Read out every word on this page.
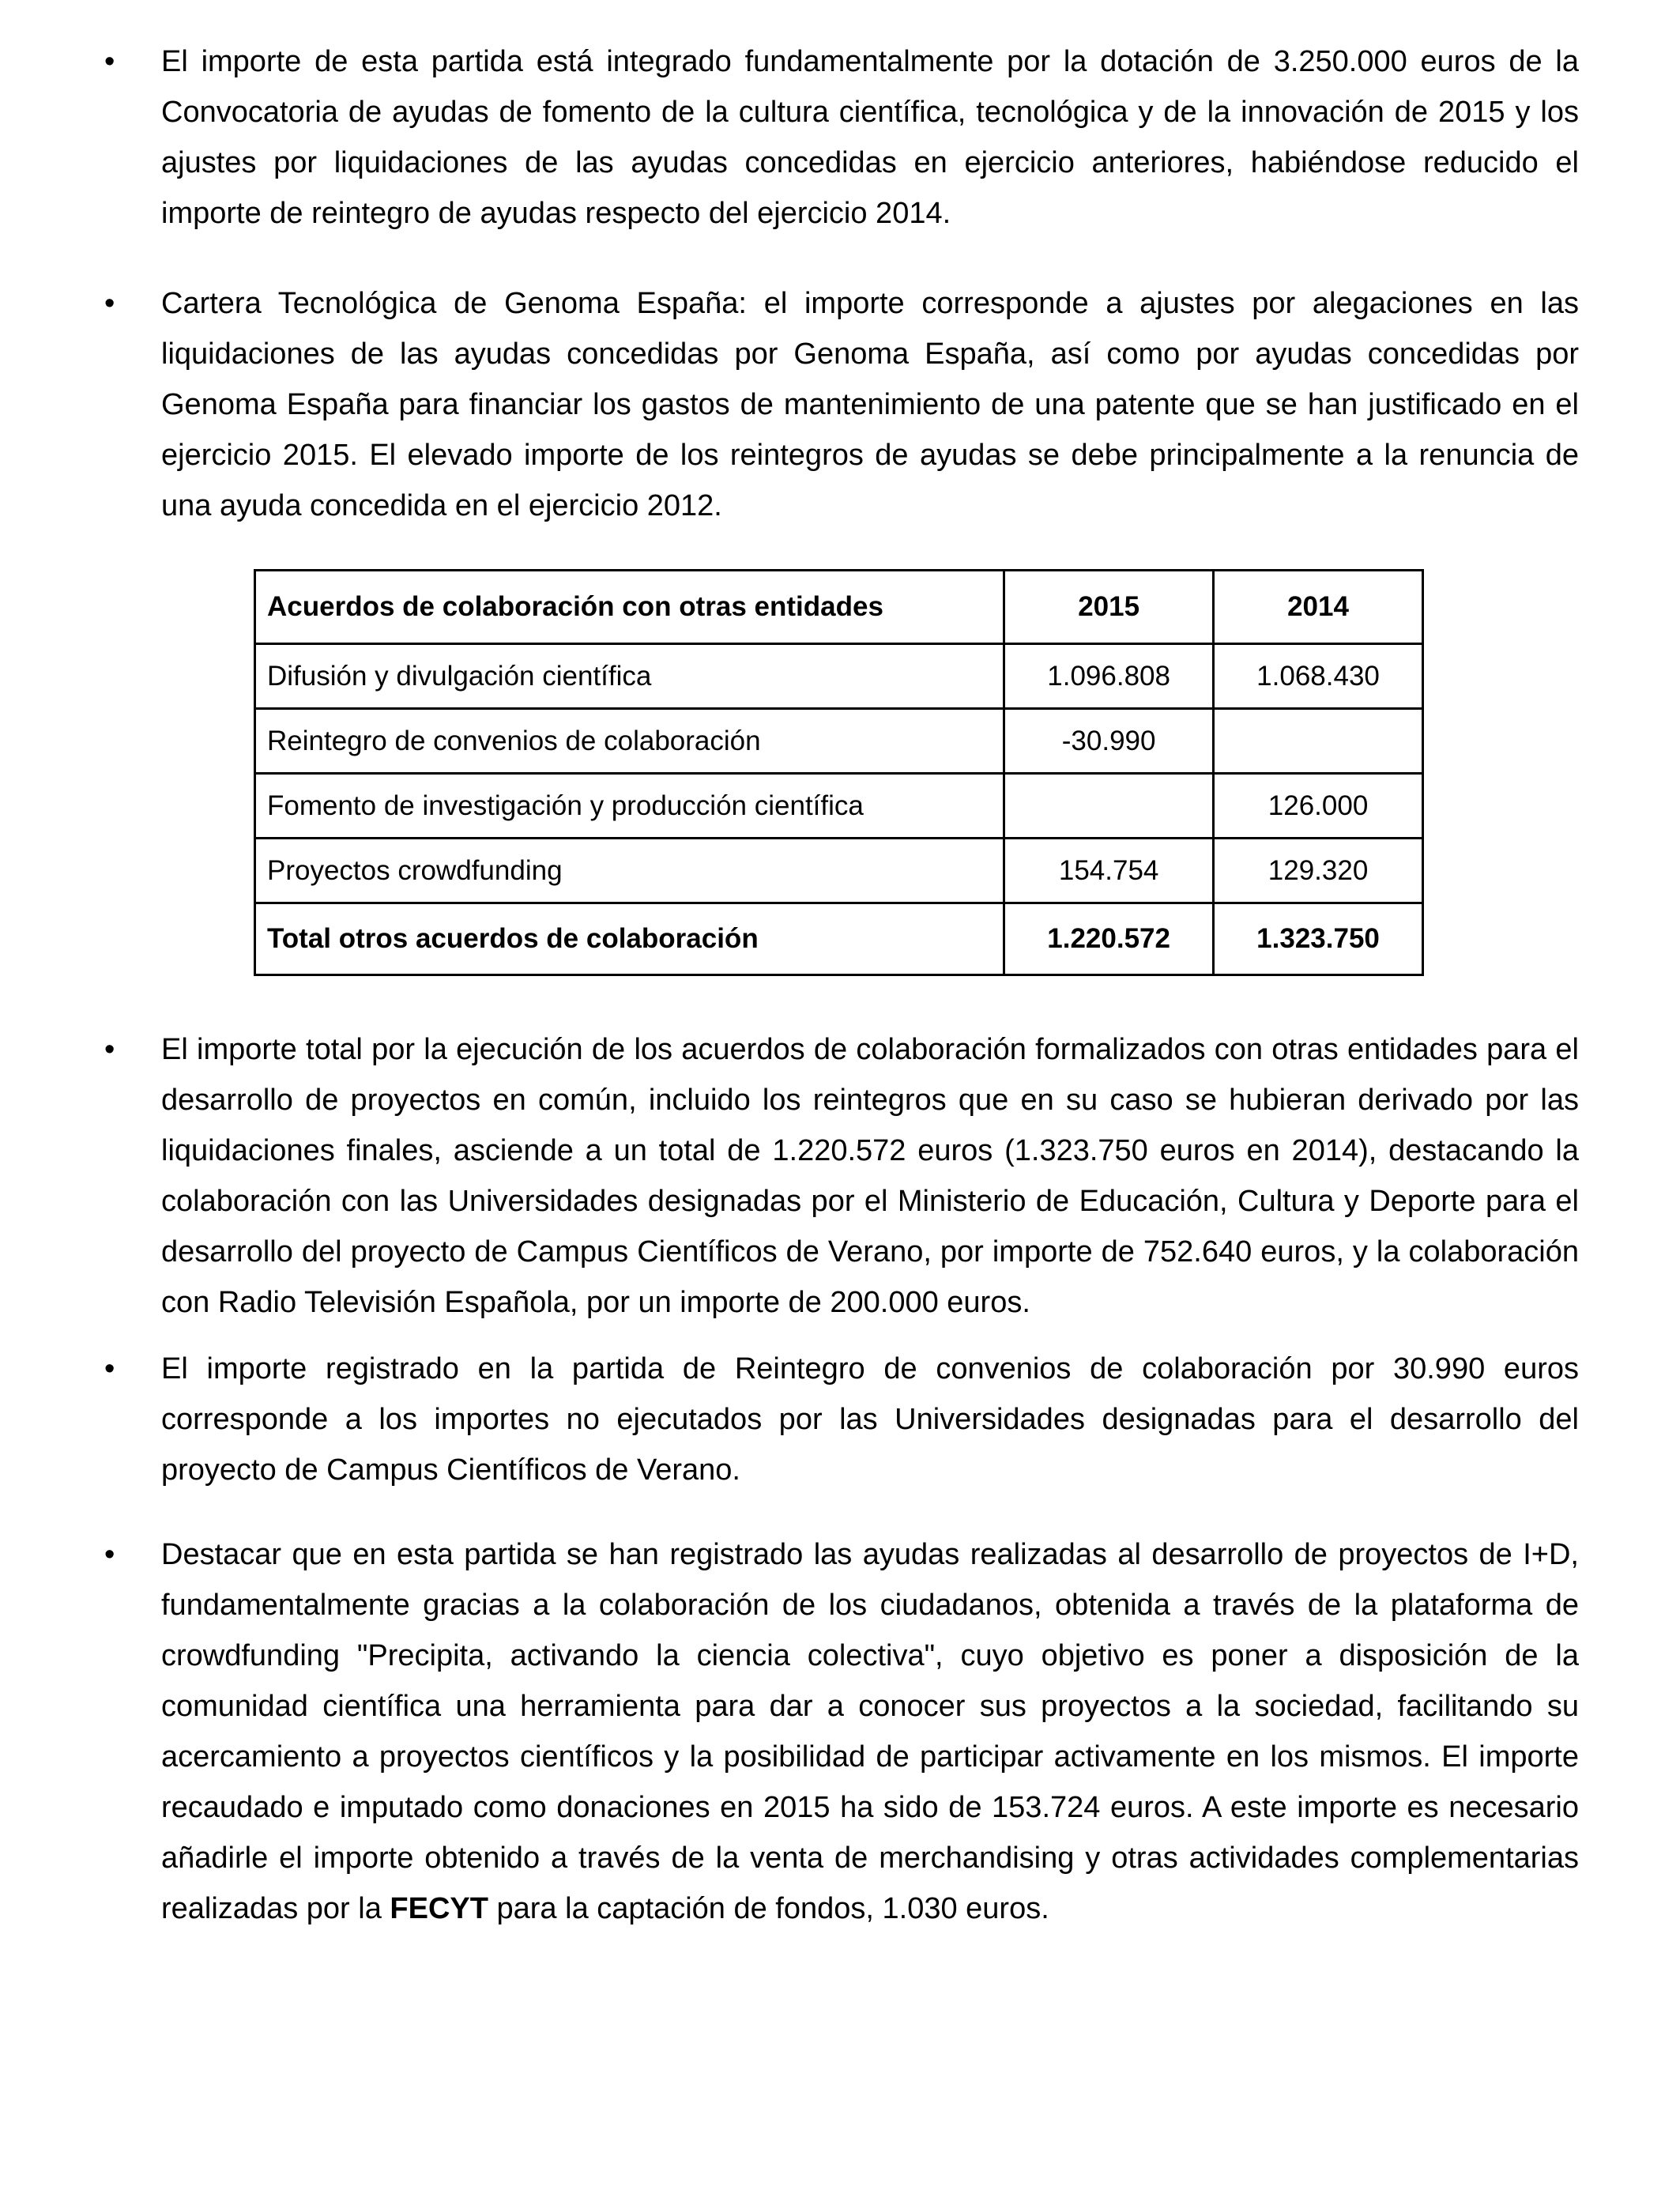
•	El importe de esta partida está integrado fundamentalmente por la dotación de 3.250.000 euros de la Convocatoria de ayudas de fomento de la cultura científica, tecnológica y de la innovación de 2015 y los ajustes por liquidaciones de las ayudas concedidas en ejercicio anteriores, habiéndose reducido el importe de reintegro de ayudas respecto del ejercicio 2014.
•	Cartera Tecnológica de Genoma España: el importe corresponde a ajustes por alegaciones en las liquidaciones de las ayudas concedidas por Genoma España, así como por ayudas concedidas por Genoma España para financiar los gastos de mantenimiento de una patente que se han justificado en el ejercicio 2015. El elevado importe de los reintegros de ayudas se debe principalmente a la renuncia de una ayuda concedida en el ejercicio 2012.
Acuerdos de colaboración con otras entidades	2015	2014
Difusión y divulgación científica	1.096.808	1.068.430
Reintegro de convenios de colaboración	-30.990	
Fomento de investigación y producción científica		126.000
Proyectos crowdfunding	154.754	129.320
Total otros acuerdos de colaboración	1.220.572	1.323.750
•	El importe total por la ejecución de los acuerdos de colaboración formalizados con otras entidades para el desarrollo de proyectos en común, incluido los reintegros que en su caso se hubieran derivado por las liquidaciones finales, asciende a un total de 1.220.572 euros (1.323.750 euros en 2014), destacando la colaboración con las Universidades designadas por el Ministerio de Educación, Cultura y Deporte para el desarrollo del proyecto de Campus Científicos de Verano, por importe de 752.640 euros, y la colaboración con Radio Televisión Española, por un importe de 200.000 euros.
•	El importe registrado en la partida de Reintegro de convenios de colaboración por 30.990 euros corresponde a los importes no ejecutados por las Universidades designadas para el desarrollo del proyecto de Campus Científicos de Verano.
•	Destacar que en esta partida se han registrado las ayudas realizadas al desarrollo de proyectos de I+D, fundamentalmente gracias a la colaboración de los ciudadanos, obtenida a través de la plataforma de crowdfunding "Precipita, activando la ciencia colectiva", cuyo objetivo es poner a disposición de la comunidad científica una herramienta para dar a conocer sus proyectos a la sociedad, facilitando su acercamiento a proyectos científicos y la posibilidad de participar activamente en los mismos. El importe recaudado e imputado como donaciones en 2015 ha sido de 153.724 euros. A este importe es necesario añadirle el importe obtenido a través de la venta de merchandising y otras actividades complementarias realizadas por la FECYT para la captación de fondos, 1.030 euros.
